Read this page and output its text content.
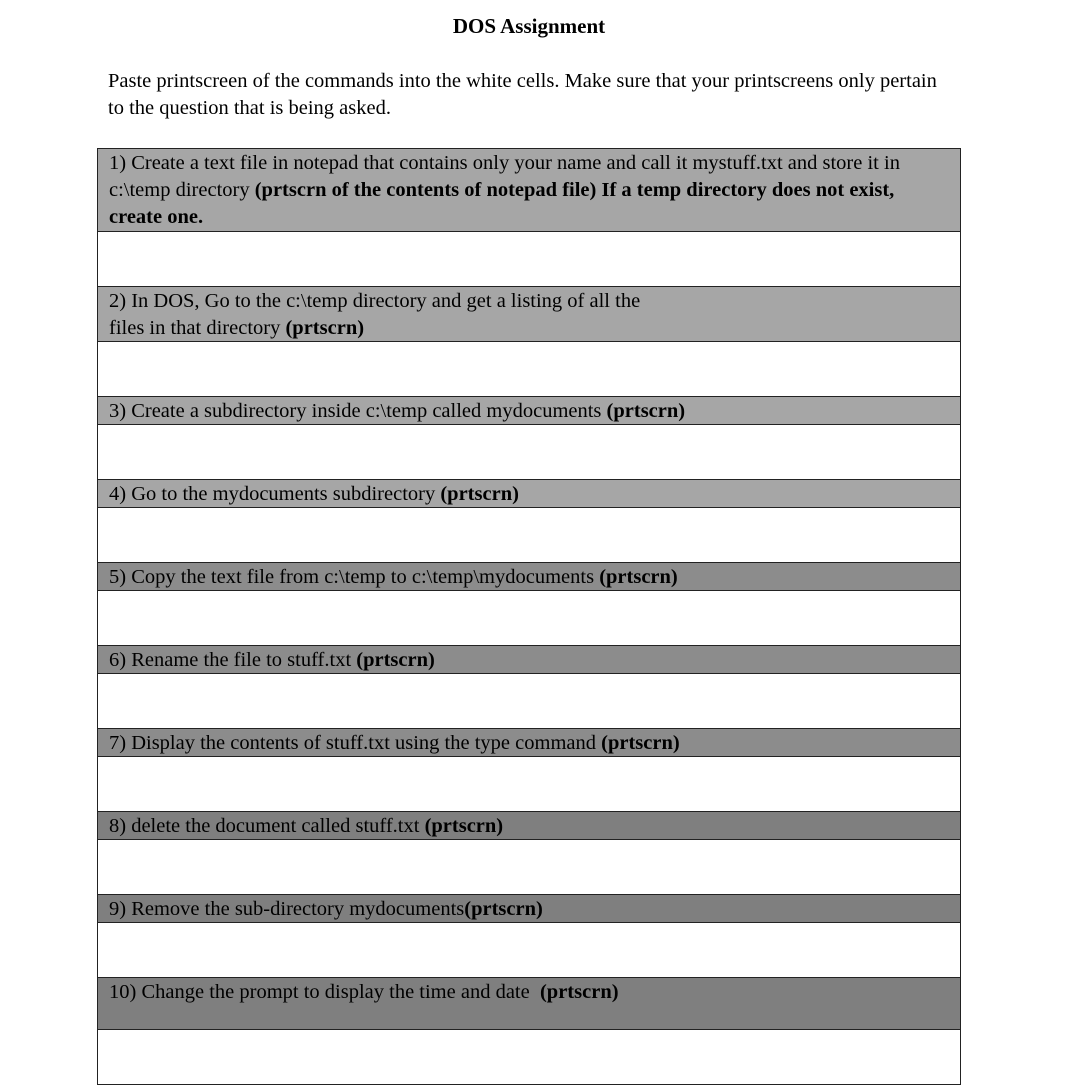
DOS Assignment

Paste printscreen of the commands into the white cells. Make sure that your printscreens only pertain to the question that is being asked.

1) Create a text file in notepad that contains only your name and call it mystuff.txt and store it in c:\temp directory (prtscrn of the contents of notepad file) If a temp directory does not exist, create one.
2) In DOS, Go to the c:\temp directory and get a listing of all the
files in that directory (prtscrn)
3) Create a subdirectory inside c:\temp called mydocuments (prtscrn)
4) Go to the mydocuments subdirectory (prtscrn)
5) Copy the text file from c:\temp to c:\temp\mydocuments (prtscrn)
6) Rename the file to stuff.txt (prtscrn)
7) Display the contents of stuff.txt using the type command (prtscrn)
8) delete the document called stuff.txt (prtscrn)
9) Remove the sub-directory mydocuments(prtscrn)
10) Change the prompt to display the time and date  (prtscrn)
